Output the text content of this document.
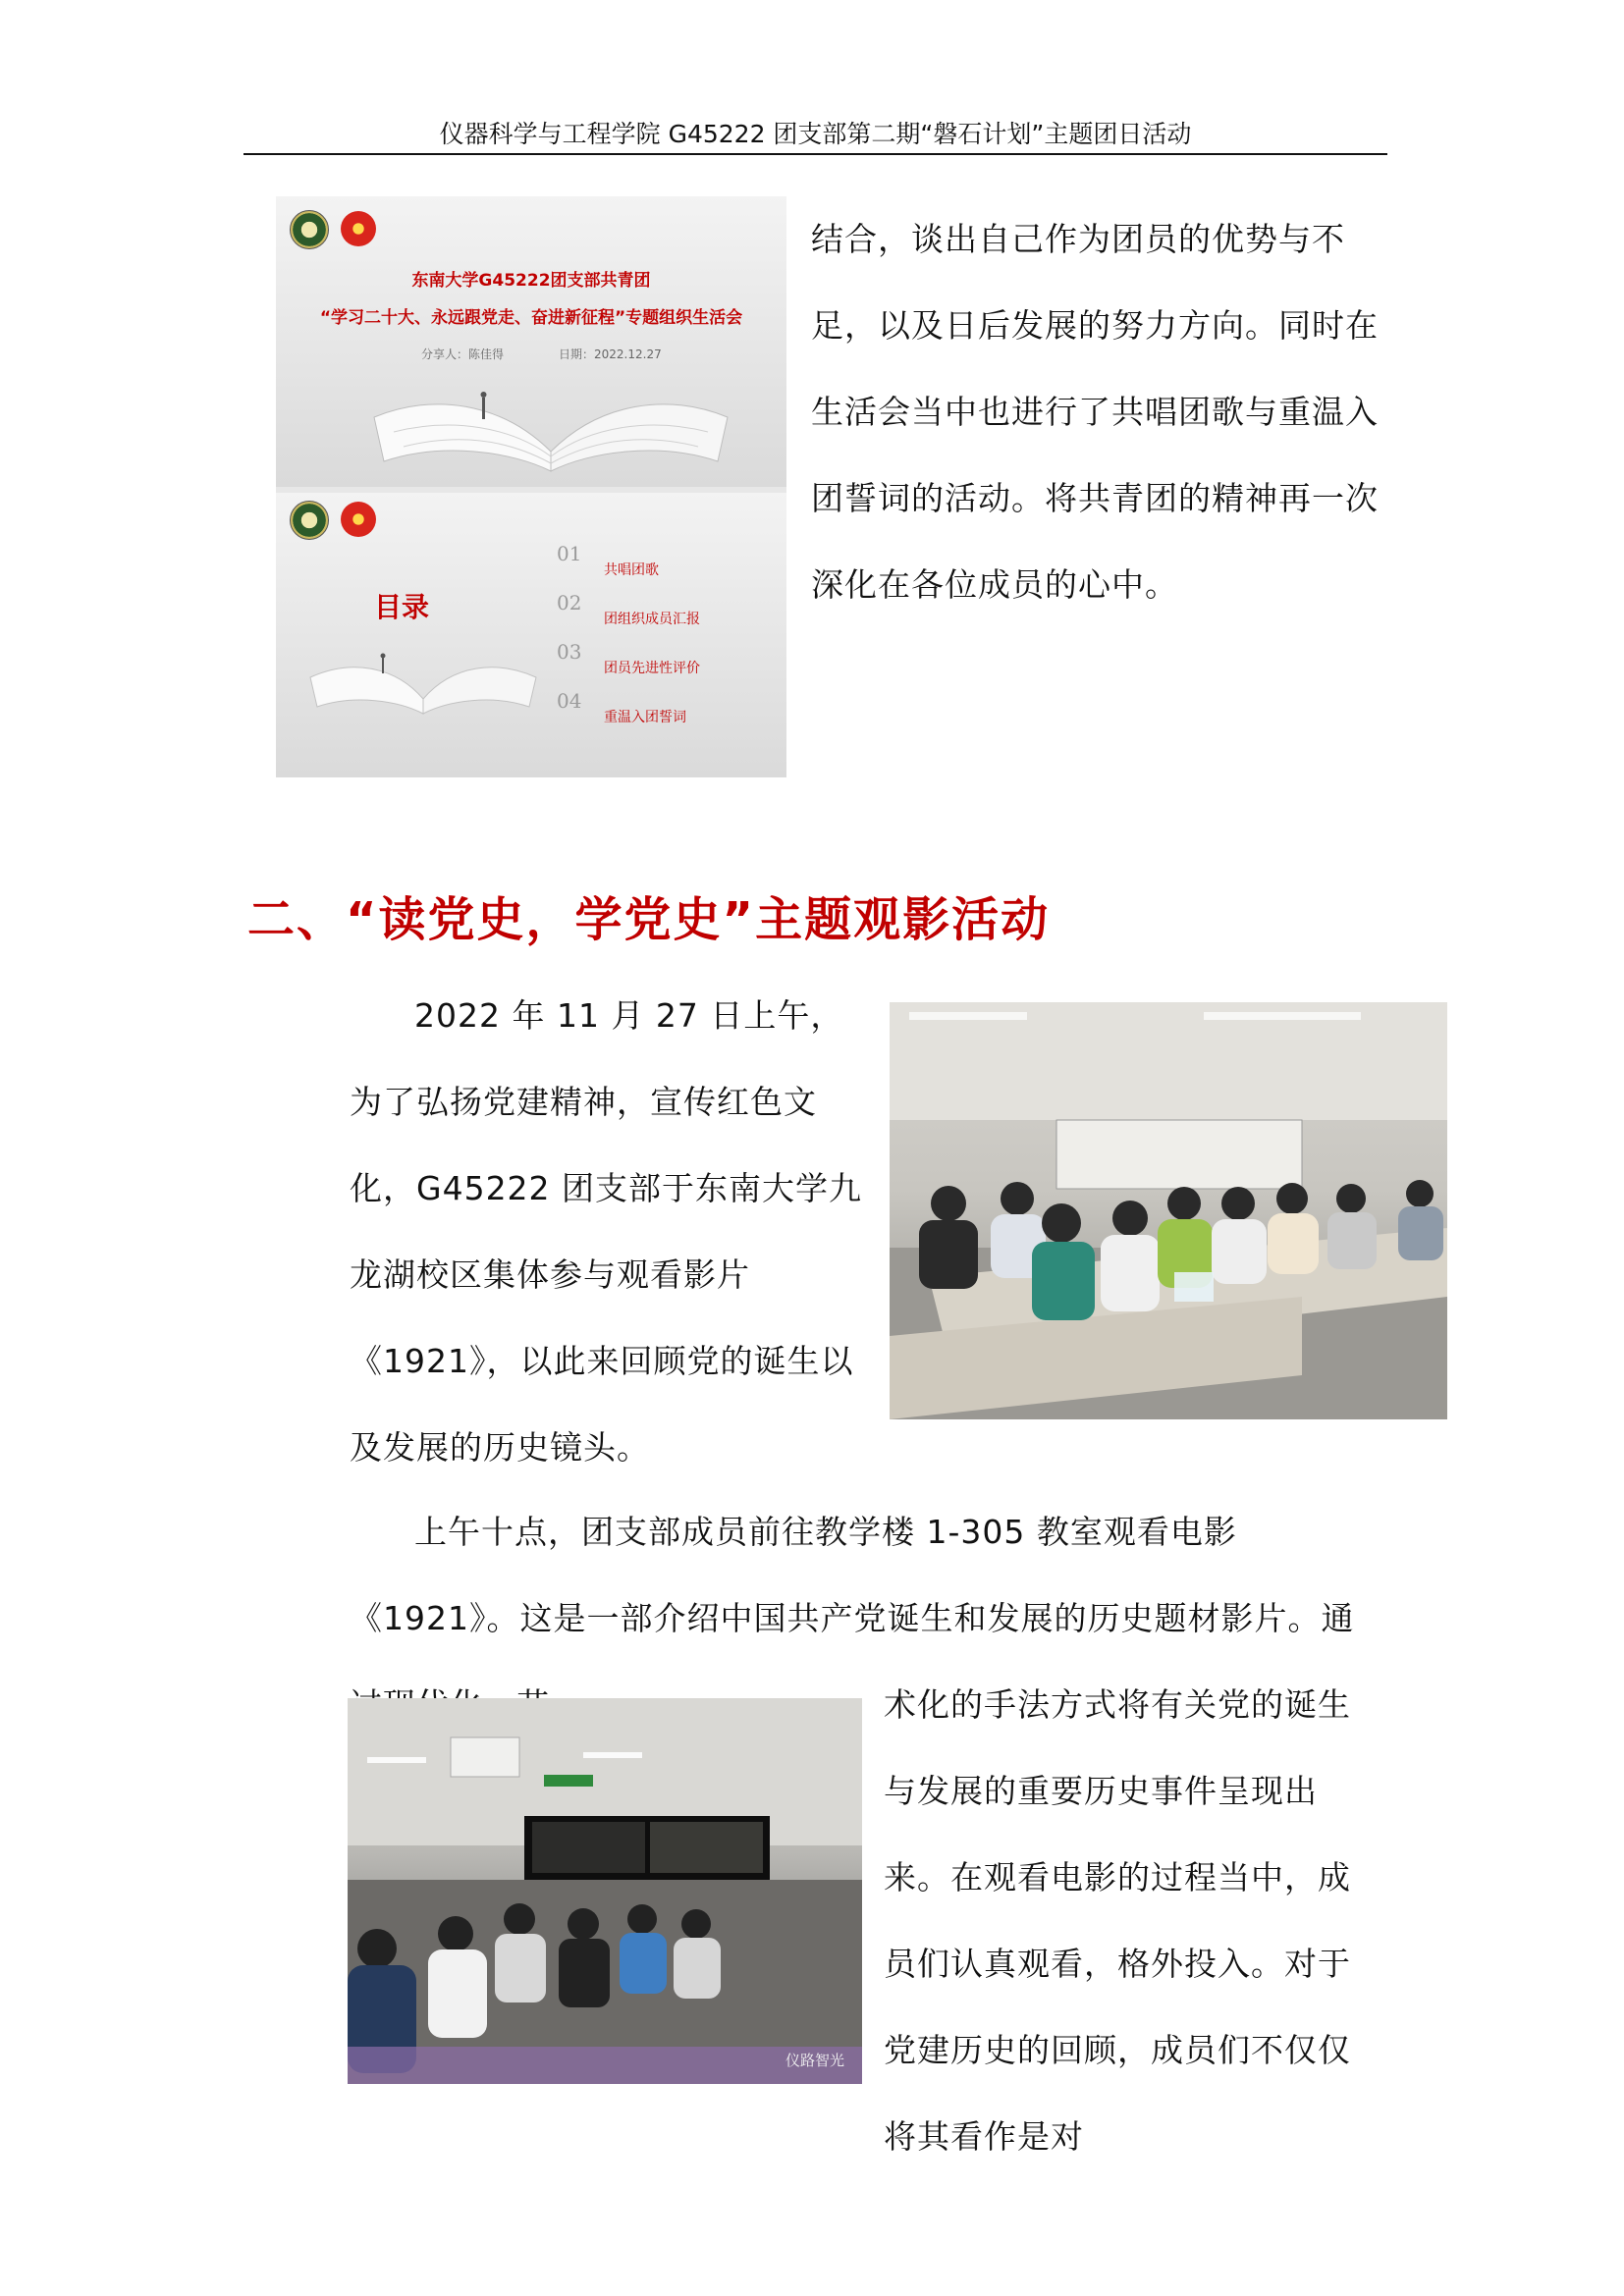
仪器科学与工程学院 G45222 团支部第二期“磐石计划”主题团日活动

东南大学G45222团支部共青团

“学习二十大、永远跟党走、奋进新征程”专题组织生活会

分享人：陈佳得	日期：2022.12.27
目录
01
共唱团歌
02
团组织成员汇报
03
团员先进性评价
04
重温入团誓词

结合，谈出自己作为团员的优势与不足，以及日后发展的努力方向。同时在生活会当中也进行了共唱团歌与重温入团誓词的活动。将共青团的精神再一次深化在各位成员的心中。

二、“读党史，学党史”主题观影活动

2022 年 11 月 27 日上午，为了弘扬党建精神，宣传红色文化，G45222 团支部于东南大学九龙湖校区集体参与观看影片《1921》，以此来回顾党的诞生以及发展的历史镜头。

上午十点，团支部成员前往教学楼 1-305 教室观看电影《1921》。这是一部介绍中国共产党诞生和发展的历史题材影片。通

仪路智光

术化的手法方式将有关党的诞生与发展的重要历史事件呈现出来。在观看电影的过程当中，成员们认真观看，格外投入。对于党建历史的回顾，成员们不仅仅将其看作是对
